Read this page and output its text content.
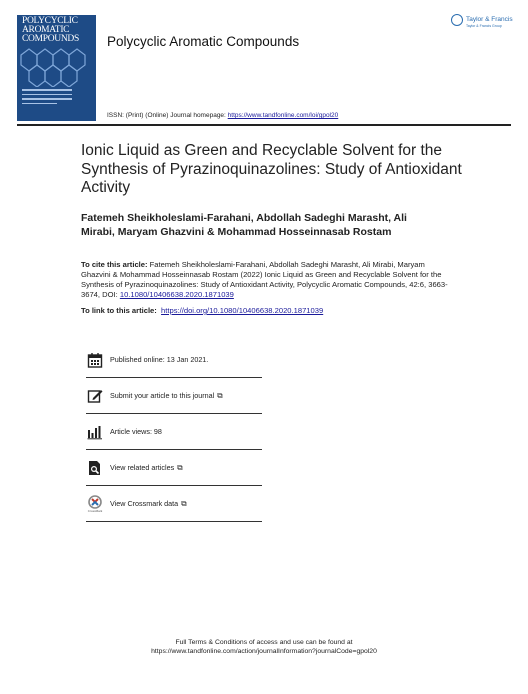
POLYCYCLIC
AROMATIC
COMPOUNDS	Polycyclic Aromatic Compounds
Taylor & Francis
Taylor & Francis Group
ISSN: (Print) (Online) Journal homepage: https://www.tandfonline.com/loi/gpol20
Ionic Liquid as Green and Recyclable Solvent for the Synthesis of Pyrazinoquinazolines: Study of Antioxidant Activity
Fatemeh Sheikholeslami-Farahani, Abdollah Sadeghi Marasht, Ali Mirabi, Maryam Ghazvini & Mohammad Hosseinnasab Rostam
To cite this article: Fatemeh Sheikholeslami-Farahani, Abdollah Sadeghi Marasht, Ali Mirabi, Maryam Ghazvini & Mohammad Hosseinnasab Rostam (2022) Ionic Liquid as Green and Recyclable Solvent for the Synthesis of Pyrazinoquinazolines: Study of Antioxidant Activity, Polycyclic Aromatic Compounds, 42:6, 3663-3674, DOI: 10.1080/10406638.2020.1871039
To link to this article: https://doi.org/10.1080/10406638.2020.1871039
Published online: 13 Jan 2021.
Submit your article to this journal ⧉
Article views: 98
View related articles ⧉
CrossMark
View Crossmark data ⧉
Full Terms & Conditions of access and use can be found at
https://www.tandfonline.com/action/journalInformation?journalCode=gpol20
